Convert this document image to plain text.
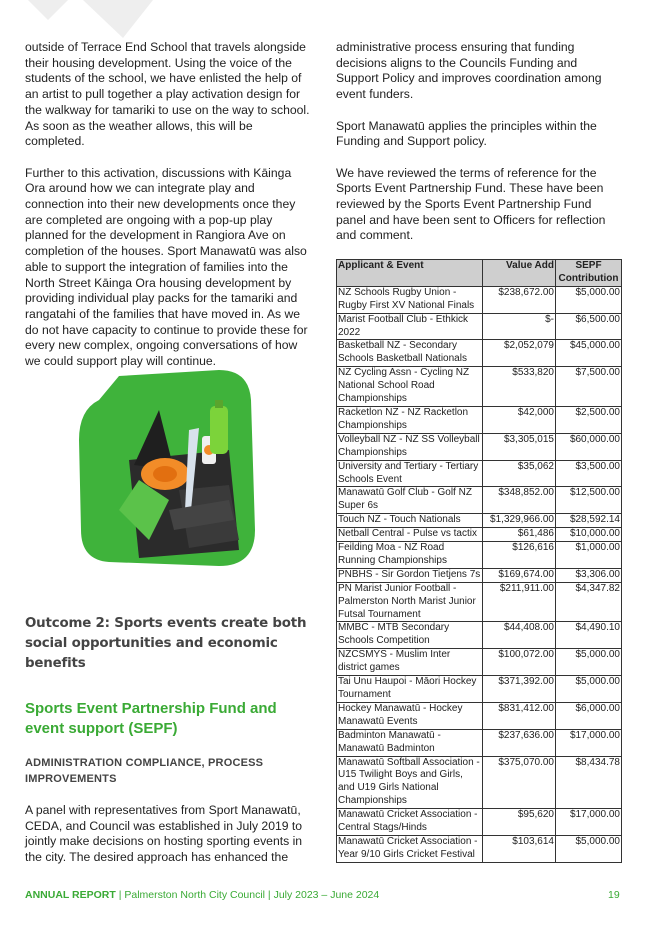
outside of Terrace End School that travels alongside their housing development. Using the voice of the students of the school, we have enlisted the help of an artist to pull together a play activation design for the walkway for tamariki to use on the way to school. As soon as the weather allows, this will be completed.

Further to this activation, discussions with Kāinga Ora around how we can integrate play and connection into their new developments once they are completed are ongoing with a pop-up play planned for the development in Rangiora Ave on completion of the houses. Sport Manawatū was also able to support the integration of families into the North Street Kāinga Ora housing development by providing individual play packs for the tamariki and rangatahi of the families that have moved in. As we do not have capacity to continue to provide these for every new complex, ongoing conversations of how we could support play will continue.

Outcome 2: Sports events create both social opportunities and economic benefits

Sports Event Partnership Fund and event support (SEPF)

ADMINISTRATION COMPLIANCE, PROCESS IMPROVEMENTS

A panel with representatives from Sport Manawatū, CEDA, and Council was established in July 2019 to jointly make decisions on hosting sporting events in the city. The desired approach has enhanced the

administrative process ensuring that funding decisions aligns to the Councils Funding and Support Policy and improves coordination among event funders.

Sport Manawatū applies the principles within the Funding and Support policy.

We have reviewed the terms of reference for the Sports Event Partnership Fund. These have been reviewed by the Sports Event Partnership Fund panel and have been sent to Officers for reflection and comment.

Applicant & Event	Value Add	SEPF Contribution
NZ Schools Rugby Union - Rugby First XV National Finals	$238,672.00	$5,000.00
Marist Football Club - Ethkick 2022	$-	$6,500.00
Basketball NZ - Secondary Schools Basketball Nationals	$2,052,079	$45,000.00
NZ Cycling Assn - Cycling NZ National School Road Championships	$533,820	$7,500.00
Racketlon NZ - NZ Racketlon Championships	$42,000	$2,500.00
Volleyball NZ - NZ SS Volleyball Championships	$3,305,015	$60,000.00
University and Tertiary - Tertiary Schools Event	$35,062	$3,500.00
Manawatū Golf Club - Golf NZ Super 6s	$348,852.00	$12,500.00
Touch NZ - Touch Nationals	$1,329,966.00	$28,592.14
Netball Central - Pulse vs tactix	$61,486	$10,000.00
Feilding Moa - NZ Road Running Championships	$126,616	$1,000.00
PNBHS - Sir Gordon Tietjens 7s	$169,674.00	$3,306.00
PN Marist Junior Football - Palmerston North Marist Junior Futsal Tournament	$211,911.00	$4,347.82
MMBC - MTB Secondary Schools Competition	$44,408.00	$4,490.10
NZCSMYS - Muslim Inter district games	$100,072.00	$5,000.00
Tai Unu Haupoi - Māori Hockey Tournament	$371,392.00	$5,000.00
Hockey Manawatū - Hockey Manawatū Events	$831,412.00	$6,000.00
Badminton Manawatū - Manawatū Badminton	$237,636.00	$17,000.00
Manawatū Softball Association - U15 Twilight Boys and Girls, and U19 Girls National Championships	$375,070.00	$8,434.78
Manawatū Cricket Association - Central Stags/Hinds	$95,620	$17,000.00
Manawatū Cricket Association - Year 9/10 Girls Cricket Festival	$103,614	$5,000.00
ANNUAL REPORT | Palmerston North City Council | July 2023 – June 2024	19
